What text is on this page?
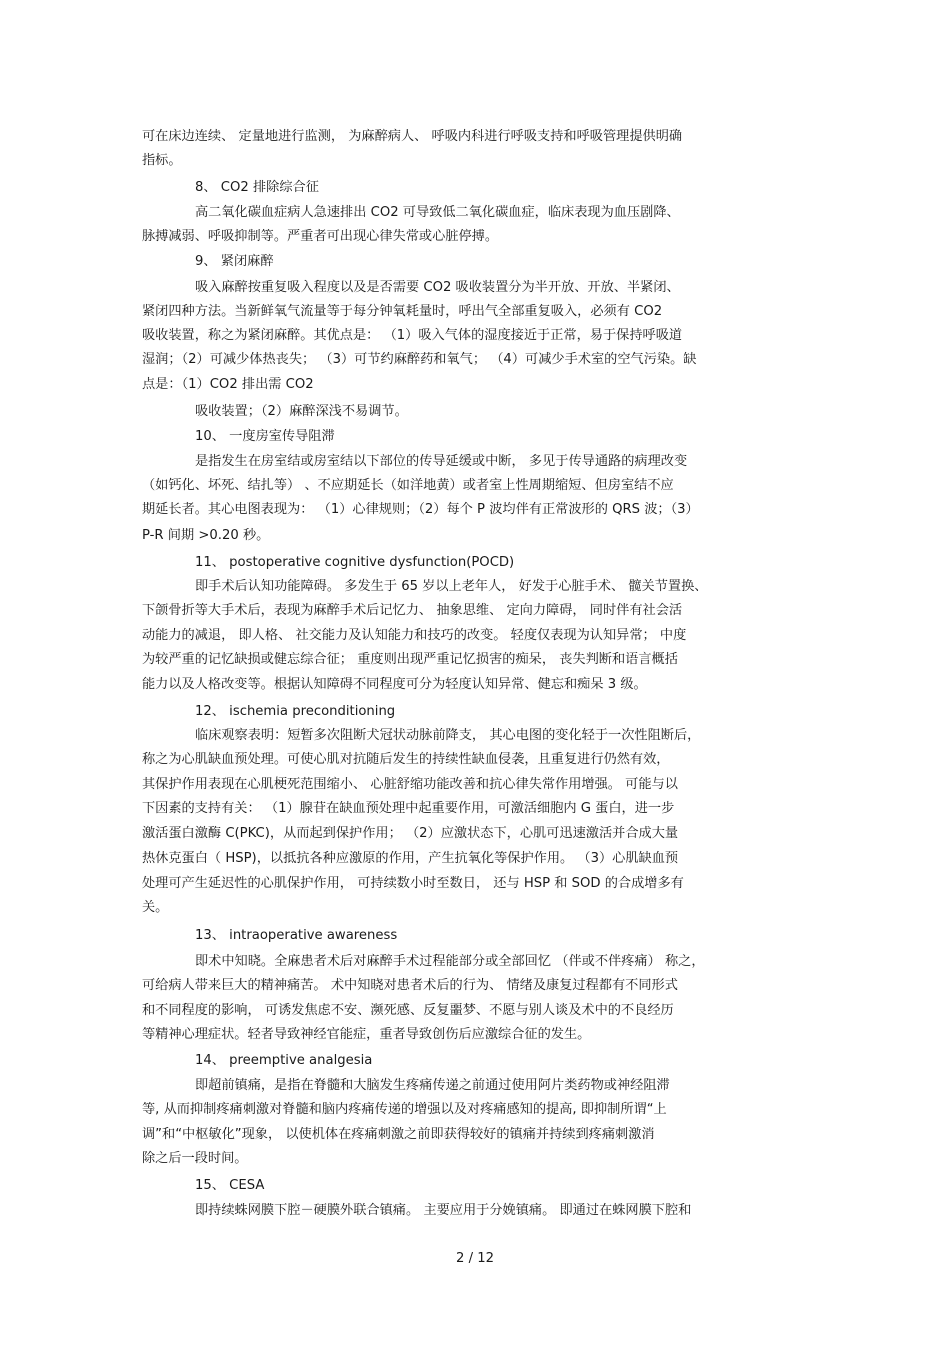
可在床边连续、 定量地进行监测， 为麻醉病人、 呼吸内科进行呼吸支持和呼吸管理提供明确
指标。
8、 CO2 排除综合征
高二氧化碳血症病人急速排出 CO2 可导致低二氧化碳血症，临床表现为血压剧降、
脉搏减弱、呼吸抑制等。严重者可出现心律失常或心脏停搏。
9、 紧闭麻醉
吸入麻醉按重复吸入程度以及是否需要 CO2 吸收装置分为半开放、开放、半紧闭、
紧闭四种方法。当新鲜氧气流量等于每分钟氧耗量时，呼出气全部重复吸入，必须有 CO2
吸收装置，称之为紧闭麻醉。其优点是： （1）吸入气体的湿度接近于正常，易于保持呼吸道
湿润；（2）可减少体热丧失； （3）可节约麻醉药和氧气； （4）可减少手术室的空气污染。缺
点是：（1）CO2 排出需 CO2
吸收装置；（2）麻醉深浅不易调节。
10、 一度房室传导阻滞
是指发生在房室结或房室结以下部位的传导延缓或中断， 多见于传导通路的病理改变
（如钙化、坏死、结扎等） 、不应期延长（如洋地黄）或者室上性周期缩短、但房室结不应
期延长者。其心电图表现为： （1）心律规则；（2）每个 P 波均伴有正常波形的 QRS 波；（3）
P-R 间期 >0.20 秒。
11、 postoperative cognitive dysfunction(POCD)
即手术后认知功能障碍。 多发生于 65 岁以上老年人， 好发于心脏手术、 髋关节置换、
下颌骨折等大手术后，表现为麻醉手术后记忆力、 抽象思维、 定向力障碍， 同时伴有社会活
动能力的减退， 即人格、 社交能力及认知能力和技巧的改变。 轻度仅表现为认知异常； 中度
为较严重的记忆缺损或健忘综合征； 重度则出现严重记忆损害的痴呆， 丧失判断和语言概括
能力以及人格改变等。根据认知障碍不同程度可分为轻度认知异常、健忘和痴呆 3 级。
12、 ischemia preconditioning
临床观察表明：短暂多次阻断犬冠状动脉前降支， 其心电图的变化轻于一次性阻断后，
称之为心肌缺血预处理。可使心肌对抗随后发生的持续性缺血侵袭，且重复进行仍然有效，
其保护作用表现在心肌梗死范围缩小、 心脏舒缩功能改善和抗心律失常作用增强。 可能与以
下因素的支持有关： （1）腺苷在缺血预处理中起重要作用，可激活细胞内 G 蛋白，进一步
激活蛋白激酶 C(PKC)，从而起到保护作用； （2）应激状态下，心肌可迅速激活并合成大量
热休克蛋白（ HSP)，以抵抗各种应激原的作用，产生抗氧化等保护作用。 （3）心肌缺血预
处理可产生延迟性的心肌保护作用， 可持续数小时至数日， 还与 HSP 和 SOD 的合成增多有
关。
13、 intraoperative awareness
即术中知晓。全麻患者术后对麻醉手术过程能部分或全部回忆 （伴或不伴疼痛） 称之，
可给病人带来巨大的精神痛苦。 术中知晓对患者术后的行为、 情绪及康复过程都有不同形式
和不同程度的影响， 可诱发焦虑不安、濒死感、反复噩梦、不愿与别人谈及术中的不良经历
等精神心理症状。轻者导致神经官能症，重者导致创伤后应激综合征的发生。
14、 preemptive analgesia
即超前镇痛，是指在脊髓和大脑发生疼痛传递之前通过使用阿片类药物或神经阻滞
等, 从而抑制疼痛刺激对脊髓和脑内疼痛传递的增强以及对疼痛感知的提高, 即抑制所谓“上
调”和“中枢敏化”现象， 以使机体在疼痛刺激之前即获得较好的镇痛并持续到疼痛刺激消
除之后一段时间。
15、 CESA
即持续蛛网膜下腔－硬膜外联合镇痛。 主要应用于分娩镇痛。 即通过在蛛网膜下腔和
2 / 12
